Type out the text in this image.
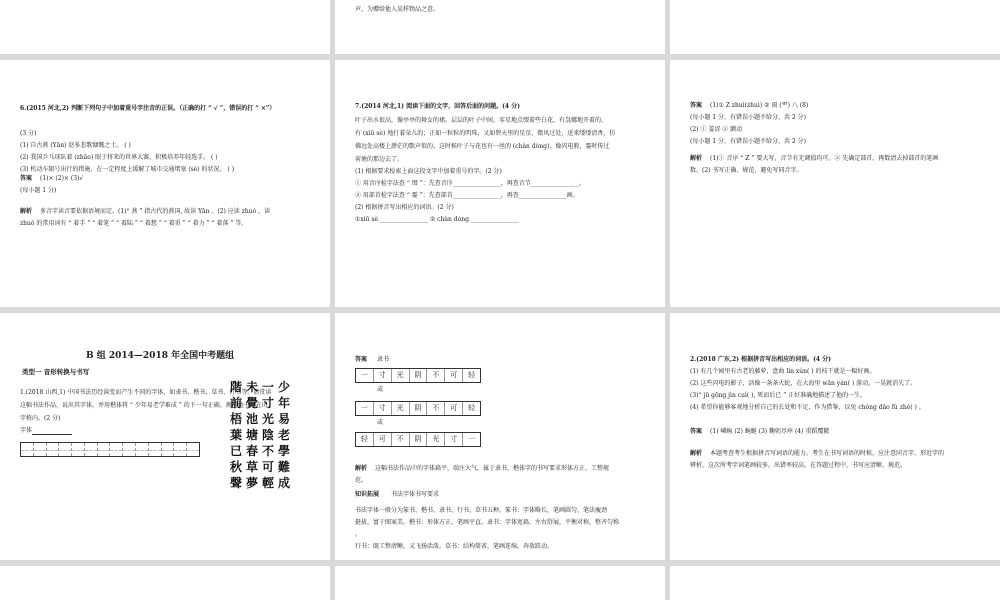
声，为赠给他人某样物品之意。
6.(2015 河北,2) 判断下列句子中加着重号字注音的正误。（正确的打 “ √ ”，错误的打 “ ×”）
(3 分)
(1) 自古燕 (Yān) 赵多悲歌慷慨之士。 ( )
(2) 我国乒乓球队着 (zhāo) 眼于将来的世界大赛，积极培养年轻选手。 ( )
(3) 机动车限号出行的措施，在一定程度上缓解了城市交通堵塞 (sè) 的状况。 ( )
答案 (1)× (2)× (3)√
(每小题 1 分)
解析 多音字读音要依据语境而定。(1)“ 燕 ” 指古代的燕国, 故读 Yān 。(2) 应读 zhuó 。读
zhuó 的常用词有 “ 着手 ” “ 着笔 ” “ 着陆 ” “ 着想 ” “ 着重 ” “ 着力 ” “ 着落 ” 等。
7.(2014 河北,1) 阅读下面的文字，回答后面的问题。(4 分)
叶子出水很高，像亭亭的舞女的裙。层层的叶子中间，零星地点缀着些白花，有袅娜地开着的，
有 (xiū sè) 地打着朵儿的；正如一粒粒的明珠，又如碧天里的星星，微风过处，送来缕缕清香，仿
佛远处高楼上渺茫的歌声似的。这时候叶子与花也有一丝的 (chàn dòng)，像闪电般，霎时传过
荷塘的那边去了。
(1) 根据要求检索上面这段文字中加着重号的字。(2 分)
① 用音序检字法查 “ 缀 ”：先查音序________________，再查音节________________。
② 用部首检字法查 “ 霎 ”：先查部首________________，再查________________画。
(2) 根据拼音写出相应的词语。(2 分)
①xiū sè ________________ ② chàn dòng ________________
答案 (1)① Z zhuì(zhui) ② 雨 (⻗) 八 (8)
(每小题 1 分，有错误小题不给分，共 2 分)
(2) ① 羞涩 ② 颤动
(每小题 1 分，有错误小题不给分，共 2 分)
解析 (1)① 音序 “ Z ” 要大写，音节有无调值均可。② 先确定部首，再数清去掉部首的笔画
数。(2) 书写正确、规范，避免写同音字。
B 组 2014—2018 年全国中考题组
类型一 音形转换与书写
1.(2018 山西,1) 中国书法历经演变而产生不同的字体，如隶书、楷书、草书、行书等。请赏读
这幅书法作品，说出其字体，并用楷体将 “ 少年易老学难成 ” 的下一句正确、规范地书写在田
字格内。(2 分)
字体
階未一少
前覺寸年
梧池光易
葉塘陰老
已春不學
秋草可難
聲夢輕成
答案 隶书
一	寸	光	阴	不	可	轻
或
一	寸	光	阴	不	可	轻
或
轻	可	不	阴	光	寸	一
解析 这幅书法作品中的字体扁平，端庄大气，属于隶书，楷体字的书写要求形体方正、工整规
范。
知识拓展 书法字体书写要求
书法字体一般分为篆书、楷书、隶书、行书、草书五种。篆书：字体略长，笔画圆匀，笔法瘦劲
挺拔，富于图案美。楷书：形体方正，笔画平直。隶书：字体宽扁，左右舒展，平衡对称，整齐匀称
。
行书：既工整清晰，又飞扬活泼。草书：结构简省，笔画连绵，奔放跃动。
2.(2018 广东,2) 根据拼音写出相应的词语。(4 分)
(1) 有几个园里有古老的藤萝，盘曲 lín xún( ) 的枝干就是一幅好画。
(2) 这些闪电的影子，活像一条条火蛇，在大海里 wān yán( ) 游动，一晃就消失了。
(3)“ jū gōng jìn cuì( ), 死而后已 ” 正好准确地描述了他的一生。
(4) 希望你能够客观地分析自己的长处和不足，作为借鉴，以免 chóng dǎo fù zhé( ) 。
答案 (1) 嶙峋 (2) 蜿蜒 (3) 鞠躬尽瘁 (4) 重蹈覆辙
解析 本题考查考生根据拼音写词语的能力。考生在书写词语的时候，应注意同音字、形近字的
辨析，这次所考字词笔画较多，出错率较高，在答题过程中，书写应清晰、规范。
